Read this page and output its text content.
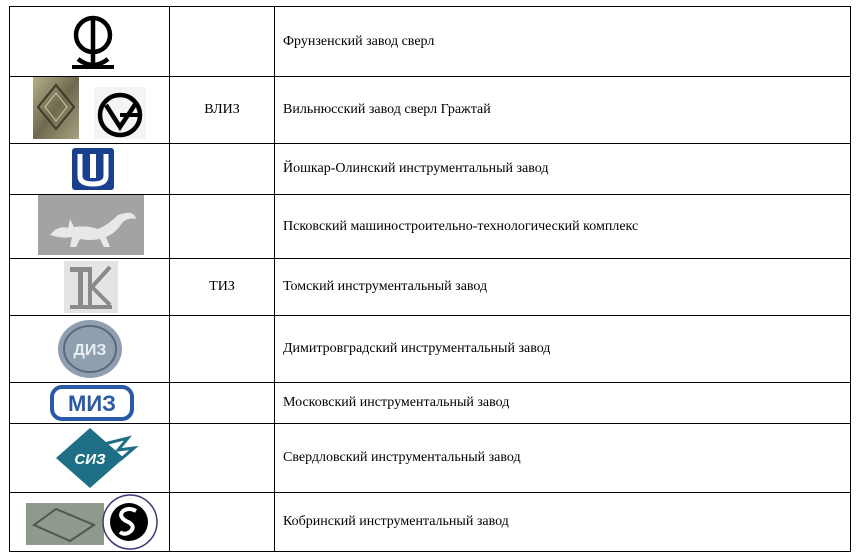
		Фрунзенский завод сверл

	ВЛИЗ	Вильнюсский завод сверл Гражтай

		Йошкар-Олинский инструментальный завод

		Псковский машиностроительно-технологический комплекс

	ТИЗ	Томский инструментальный завод

ДИЗ		Димитровградский инструментальный завод

МИЗ		Московский инструментальный завод

СИЗ		Свердловский инструментальный завод

		Кобринский инструментальный завод
